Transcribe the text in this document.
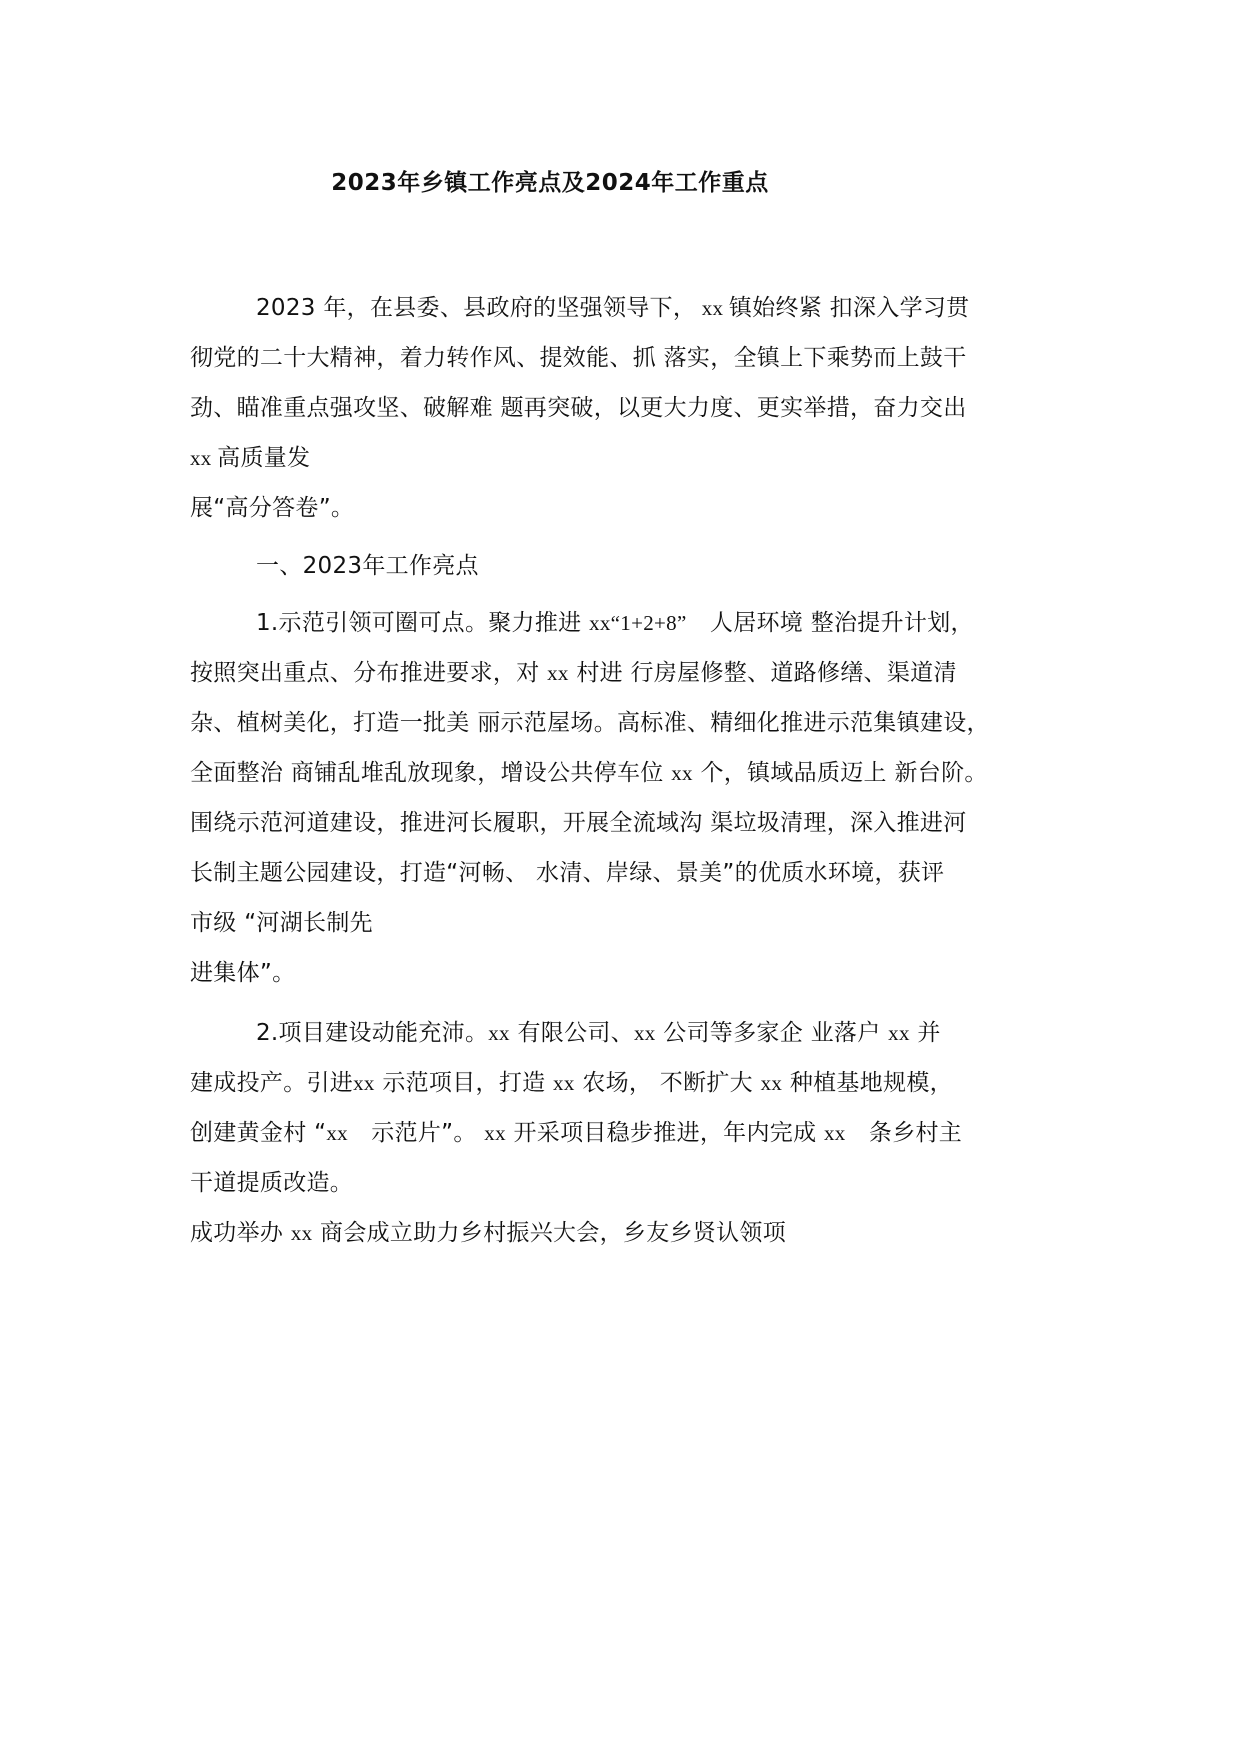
2023年乡镇工作亮点及2024年工作重点
2023 年，在县委、县政府的坚强领导下， xx 镇始终紧 扣深入学习贯
彻党的二十大精神，着力转作风、提效能、抓 落实，全镇上下乘势而上鼓干
劲、瞄准重点强攻坚、破解难 题再突破，以更大力度、更实举措，奋力交出
xx 高质量发
展“高分答卷”。
一、2023年工作亮点
1.示范引领可圈可点。聚力推进 xx“1+2+8”　人居环境 整治提升计划，
按照突出重点、分布推进要求，对 xx 村进 行房屋修整、道路修缮、渠道清
杂、植树美化，打造一批美 丽示范屋场。高标准、精细化推进示范集镇建设，
全面整治 商铺乱堆乱放现象，增设公共停车位 xx 个，镇域品质迈上 新台阶。
围绕示范河道建设，推进河长履职，开展全流域沟 渠垃圾清理，深入推进河
长制主题公园建设，打造“河畅、 水清、岸绿、景美”的优质水环境，获评
市级 “河湖长制先
进集体”。
2.项目建设动能充沛。xx 有限公司、xx 公司等多家企 业落户 xx 并
建成投产。引进xx 示范项目，打造 xx 农场， 不断扩大 xx 种植基地规模，
创建黄金村 “xx　示范片”。 xx 开采项目稳步推进，年内完成 xx　条乡村主
干道提质改造。
成功举办 xx 商会成立助力乡村振兴大会，乡友乡贤认领项
